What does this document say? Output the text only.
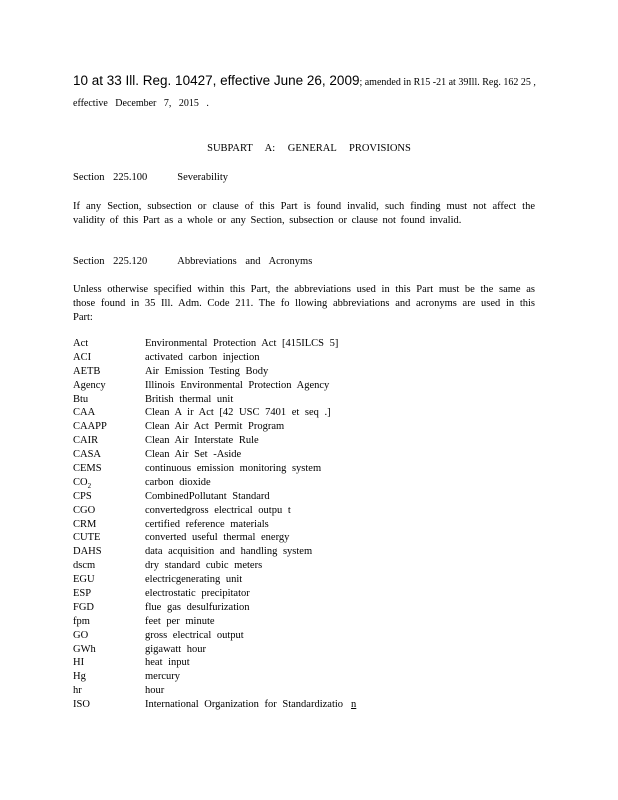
10 at 33 Ill. Reg. 10427, effective June 26, 2009; amended in R15 -21 at 39Ill. Reg. 162 25 ,
effective December 7, 2015 .
SUBPART A: GENERAL PROVISIONS
Section 225.100	Severability
If any Section, subsection or clause of this Part is found invalid, such finding must not affect the validity of this Part as a whole or any Section, subsection or clause not found invalid.
Section 225.120	Abbreviations and Acronyms
Unless otherwise specified within this Part, the abbreviations used in this Part must be the same as those found in 35 Ill. Adm. Code 211. The fo llowing abbreviations and acronyms are used in this Part:
Act	Environmental Protection Act [415ILCS 5]
ACI	activated carbon injection
AETB	Air Emission Testing Body
Agency	Illinois Environmental Protection Agency
Btu	British thermal unit
CAA	Clean A ir Act [42 USC 7401 et seq .]
CAAPP	Clean Air Act Permit Program
CAIR	Clean Air Interstate Rule
CASA	Clean Air Set -Aside
CEMS	continuous emission monitoring system
$CO_2$	carbon dioxide
CPS	CombinedPollutant Standard
CGO	convertedgross electrical outpu t
CRM	certified reference materials
CUTE	converted useful thermal energy
DAHS	data acquisition and handling system
dscm	dry standard cubic meters
EGU	electricgenerating unit
ESP	electrostatic precipitator
FGD	flue gas desulfurization
fpm	feet per minute
GO	gross electrical output
GWh	gigawatt hour
HI	heat input
Hg	mercury
hr	hour
ISO	International Organization for Standardizatio n
